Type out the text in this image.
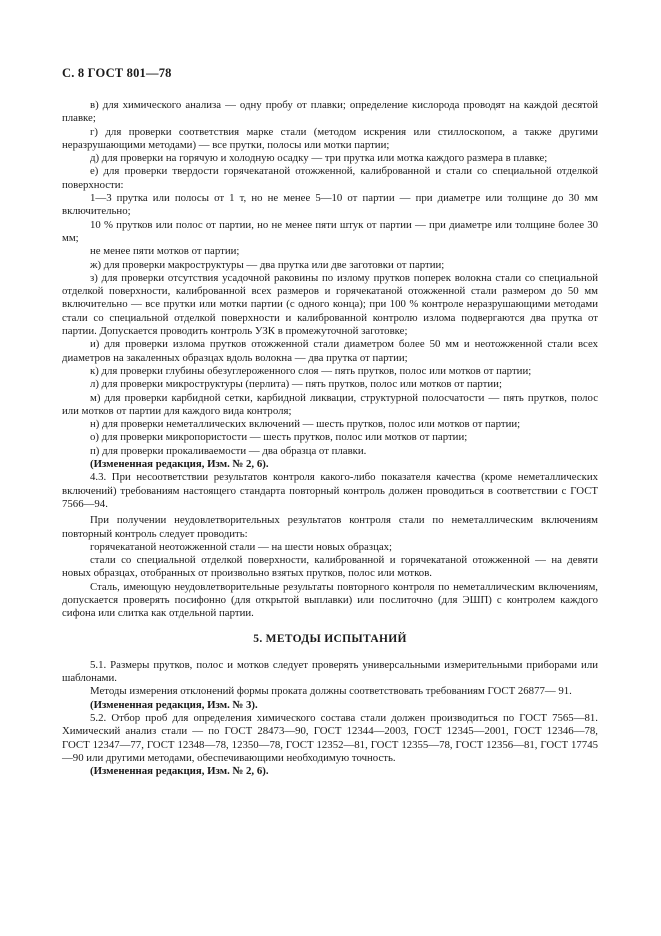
С. 8 ГОСТ 801—78

в) для химического анализа — одну пробу от плавки; определение кислорода проводят на каждой десятой плавке;

г) для проверки соответствия марке стали (методом искрения или стиллоскопом, а также другими неразрушающими методами) — все прутки, полосы или мотки партии;

д) для проверки на горячую и холодную осадку — три прутка или мотка каждого размера в плавке;

е) для проверки твердости горячекатаной отожженной, калиброванной и стали со специальной отделкой поверхности:

1—3 прутка или полосы от 1 т, но не менее 5—10 от партии — при диаметре или толщине до 30 мм включительно;

10 % прутков или полос от партии, но не менее пяти штук от партии — при диаметре или толщине более 30 мм;

не менее пяти мотков от партии;

ж) для проверки макроструктуры — два прутка или две заготовки от партии;

з) для проверки отсутствия усадочной раковины по излому прутков поперек волокна стали со специальной отделкой поверхности, калиброванной всех размеров и горячекатаной отожженной стали размером до 50 мм включительно — все прутки или мотки партии (с одного конца); при 100 % контроле неразрушающими методами стали со специальной отделкой поверхности и калиброванной контролю излома подвергаются два прутка от партии. Допускается проводить контроль УЗК в промежуточной заготовке;

и) для проверки излома прутков отожженной стали диаметром более 50 мм и неотожженной стали всех диаметров на закаленных образцах вдоль волокна — два прутка от партии;

к) для проверки глубины обезуглероженного слоя — пять прутков, полос или мотков от партии;

л) для проверки микроструктуры (перлита) — пять прутков, полос или мотков от партии;

м) для проверки карбидной сетки, карбидной ликвации, структурной полосчатости — пять прутков, полос или мотков от партии для каждого вида контроля;

н) для проверки неметаллических включений — шесть прутков, полос или мотков от партии;

о) для проверки микропористости — шесть прутков, полос или мотков от партии;

п) для проверки прокаливаемости — два образца от плавки.

(Измененная редакция, Изм. № 2, 6).

4.3. При несоответствии результатов контроля какого-либо показателя качества (кроме неметаллических включений) требованиям настоящего стандарта повторный контроль должен проводиться в соответствии с ГОСТ 7566—94.

При получении неудовлетворительных результатов контроля стали по неметаллическим включениям повторный контроль следует проводить:

горячекатаной неотожженной стали — на шести новых образцах;

стали со специальной отделкой поверхности, калиброванной и горячекатаной отожженной — на девяти новых образцах, отобранных от произвольно взятых прутков, полос или мотков.

Сталь, имеющую неудовлетворительные результаты повторного контроля по неметаллическим включениям, допускается проверять посифонно (для открытой выплавки) или послиточно (для ЭШП) с контролем каждого сифона или слитка как отдельной партии.

5. МЕТОДЫ ИСПЫТАНИЙ

5.1. Размеры прутков, полос и мотков следует проверять универсальными измерительными приборами или шаблонами.

Методы измерения отклонений формы проката должны соответствовать требованиям ГОСТ 26877— 91.

(Измененная редакция, Изм. № 3).

5.2. Отбор проб для определения химического состава стали должен производиться по ГОСТ 7565—81. Химический анализ стали — по ГОСТ 28473—90, ГОСТ 12344—2003, ГОСТ 12345—2001, ГОСТ 12346—78, ГОСТ 12347—77, ГОСТ 12348—78, 12350—78, ГОСТ 12352—81, ГОСТ 12355—78, ГОСТ 12356—81, ГОСТ 17745—90 или другими методами, обеспечивающими необходимую точность.

(Измененная редакция, Изм. № 2, 6).
